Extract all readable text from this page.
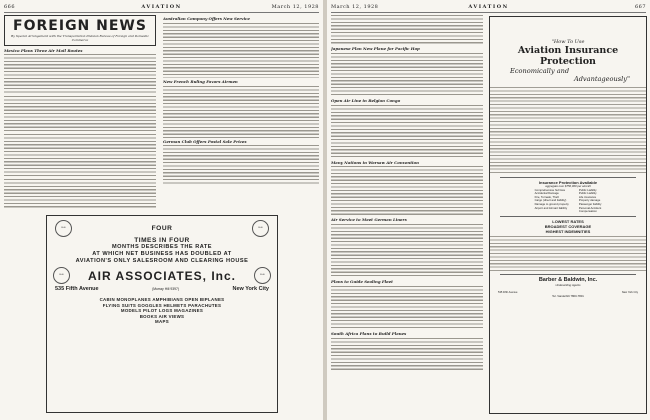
666	AVIATION	March 12, 1928
FOREIGN NEWS
By Special Arrangement with the Transportation Division Bureau of Foreign and Domestic Commerce
Mexico Plans Three Air Mail Routes
Australian Company Offers New Service
New French Ruling Favors Airmen
German Club Offers Postal Sale Prizes
SEAL	FOUR	SEAL
TIMES IN FOUR
MONTHS DESCRIBES THE RATE
AT WHICH NET BUSINESS HAS DOUBLED AT
AVIATION'S ONLY SALESROOM AND CLEARING HOUSE
SEAL	AIR ASSOCIATES, Inc.	SEAL
535 Fifth Avenue	(Murray Hill 9397)	New York City
CABIN MONOPLANES AMPHIBIANS OPEN BIPLANES
FLYING SUITS GOGGLES HELMETS PARACHUTES
MODELS PILOT LOGS MAGAZINES
BOOKS AIR VIEWS
MAPS
March 12, 1928	AVIATION	667
Japanese Plan New Plane for Pacific Hop
Open Air Line in Belgian Congo
Many Nations in Warsaw Air Convention
Air Service to Meet German Liners
Plans to Guide Sealing Fleet
South Africa Plans to Build Planes
"How To Use
Aviation Insurance
Protection
Economically and
Advantageously"
Insurance Protection Available
aggregate over $750,000 per aircraft
Comprehensive hull loss
Accidental Damage
Fire, Tornado, Theft
Cargo (direct and liability)
Damage to ground property
Airport and Airmart liability
Public Liability
Public Liability
Life insurance
Property damage
Passenger liability
Personal Accident
Compensation
LOWEST RATES
BROADEST COVERAGE
HIGHEST INDEMNITIES
Barber & Baldwin, Inc.
Underwriting Agents
535 Fifth Avenue	New York City
Tel. Vanderbilt 7800-7801
